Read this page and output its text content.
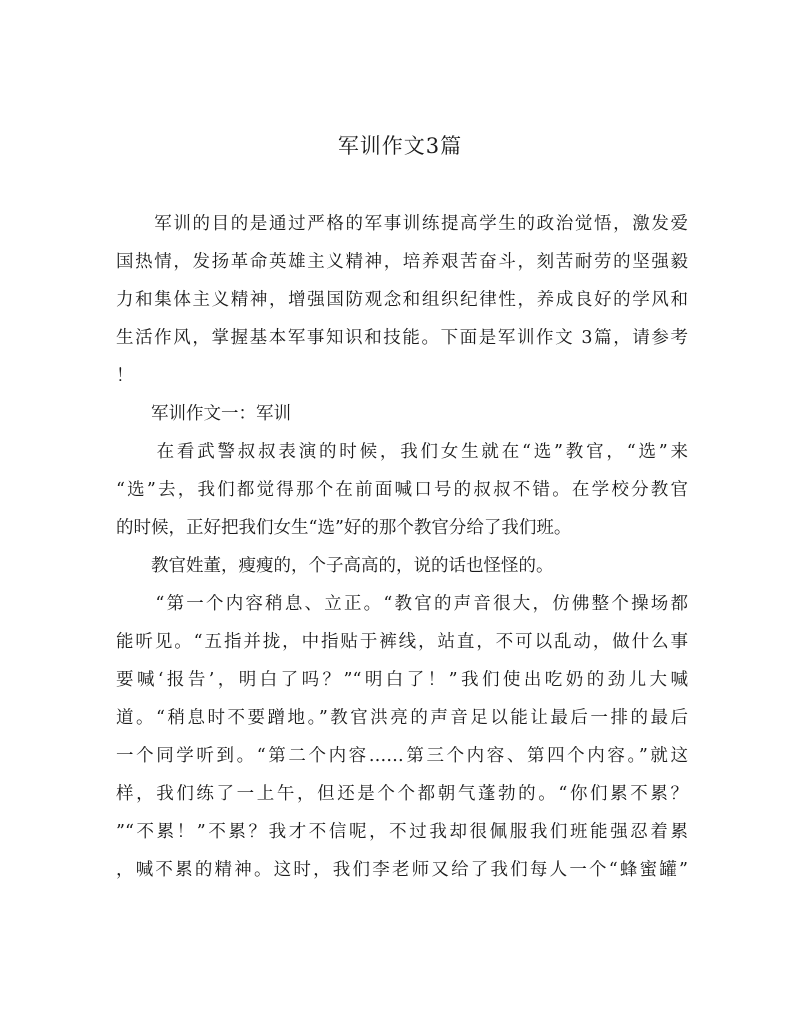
军训作文3篇
　　军训的目的是通过严格的军事训练提高学生的政治觉悟，激发爱
国热情，发扬革命英雄主义精神，培养艰苦奋斗，刻苦耐劳的坚强毅
力和集体主义精神，增强国防观念和组织纪律性，养成良好的学风和
生活作风，掌握基本军事知识和技能。下面是军训作文 3篇，请参考
！
　　军训作文一：军训
　　在看武警叔叔表演的时候，我们女生就在“选”教官，“选”来
“选”去，我们都觉得那个在前面喊口号的叔叔不错。在学校分教官
的时候，正好把我们女生“选”好的那个教官分给了我们班。
　　教官姓董，瘦瘦的，个子高高的，说的话也怪怪的。
　　“第一个内容稍息、立正。“教官的声音很大，仿佛整个操场都
能听见。“五指并拢，中指贴于裤线，站直，不可以乱动，做什么事
要喊‘报告’，明白了吗？”“明白了！”我们使出吃奶的劲儿大喊
道。“稍息时不要蹭地。”教官洪亮的声音足以能让最后一排的最后
一个同学听到。“第二个内容……第三个内容、第四个内容。”就这
样，我们练了一上午，但还是个个都朝气蓬勃的。“你们累不累？
”“不累！”不累？我才不信呢，不过我却很佩服我们班能强忍着累
，喊不累的精神。这时，我们李老师又给了我们每人一个“蜂蜜罐”
